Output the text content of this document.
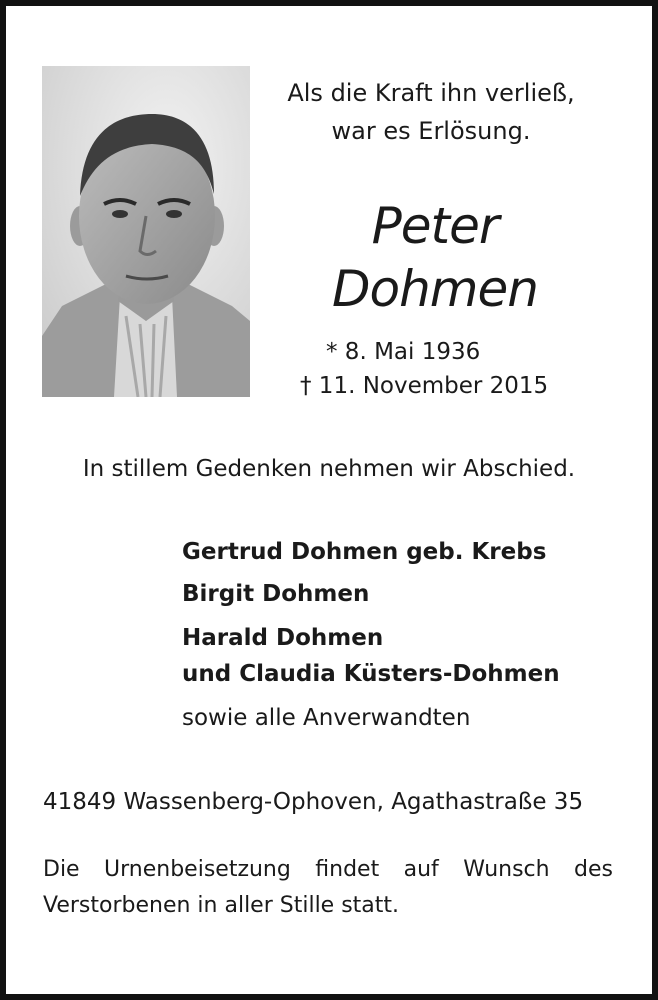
Als die Kraft ihn verließ,
war es Erlösung.
Peter
Dohmen
* 8. Mai 1936
† 11. November 2015
In stillem Gedenken nehmen wir Abschied.
Gertrud Dohmen geb. Krebs
Birgit Dohmen
Harald Dohmen
und Claudia Küsters-Dohmen
sowie alle Anverwandten
41849 Wassenberg-Ophoven, Agathastraße 35
Die Urnenbeisetzung findet auf Wunsch des
Verstorbenen in aller Stille statt.
